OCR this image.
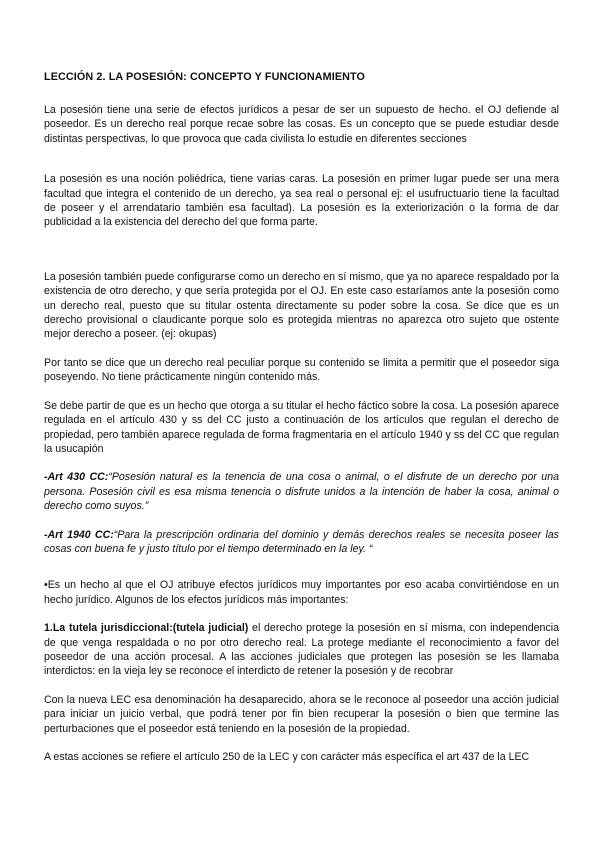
LECCIÓN 2. LA POSESIÓN: CONCEPTO Y FUNCIONAMIENTO

La posesión tiene una serie de efectos jurídicos a pesar de ser un supuesto de hecho. el OJ defiende al poseedor. Es un derecho real porque recae sobre las cosas. Es un concepto que se puede estudiar desde distintas perspectivas, lo que provoca que cada civilista lo estudie en diferentes secciones

La posesión es una noción poliédrica, tiene varias caras. La posesión en primer lugar puede ser una mera facultad que integra el contenido de un derecho, ya sea real o personal ej: el usufructuario tiene la facultad de poseer y el arrendatario también esa facultad). La posesión es la exteriorización o la forma de dar publicidad a la existencia del derecho del que forma parte.

La posesión también puede configurarse como un derecho en sí mismo, que ya no aparece respaldado por la existencia de otro derecho, y que sería protegida por el OJ. En este caso estaríamos ante la posesión como un derecho real, puesto que su titular ostenta directamente su poder sobre la cosa. Se dice que es un derecho provisional o claudicante porque solo es protegida mientras no aparezca otro sujeto que ostente mejor derecho a poseer. (ej: okupas)

Por tanto se dice que un derecho real peculiar porque su contenido se limita a permitir que el poseedor siga poseyendo. No tiene prácticamente ningún contenido más.

Se debe partir de que es un hecho que otorga a su titular el hecho fáctico sobre la cosa. La posesión aparece regulada en el artículo 430 y ss del CC justo a continuación de los artículos que regulan el derecho de propiedad, pero también aparece regulada de forma fragmentaria en el artículo 1940 y ss del CC que regulan la usucapión

-Art 430 CC:“Posesión natural es la tenencia de una cosa o animal, o el disfrute de un derecho por una persona. Posesión civil es esa misma tenencia o disfrute unidos a la intención de haber la cosa, animal o derecho como suyos.”

-Art 1940 CC:“Para la prescripción ordinaria del dominio y demás derechos reales se necesita poseer las cosas con buena fe y justo título por el tiempo determinado en la ley. “

•Es un hecho al que el OJ atribuye efectos jurídicos muy importantes por eso acaba convirtiéndose en un hecho jurídico. Algunos de los efectos jurídicos más importantes:

1.La tutela jurisdiccional:(tutela judicial) el derecho protege la posesión en sí misma, con independencia de que venga respaldada o no por otro derecho real. La protege mediante el reconocimiento a favor del poseedor de una acción procesal. A las acciones judiciales que protegen las posesión se les llamaba interdictos: en la vieja ley se reconoce el interdicto de retener la posesión y de recobrar

Con la nueva LEC esa denominación ha desaparecido, ahora se le reconoce al poseedor una acción judicial para iniciar un juicio verbal, que podrá tener por fin bien recuperar la posesión o bien que termine las perturbaciones que el poseedor está teniendo en la posesión de la propiedad.

A estas acciones se refiere el artículo 250 de la LEC y con carácter más específica el art 437 de la LEC
